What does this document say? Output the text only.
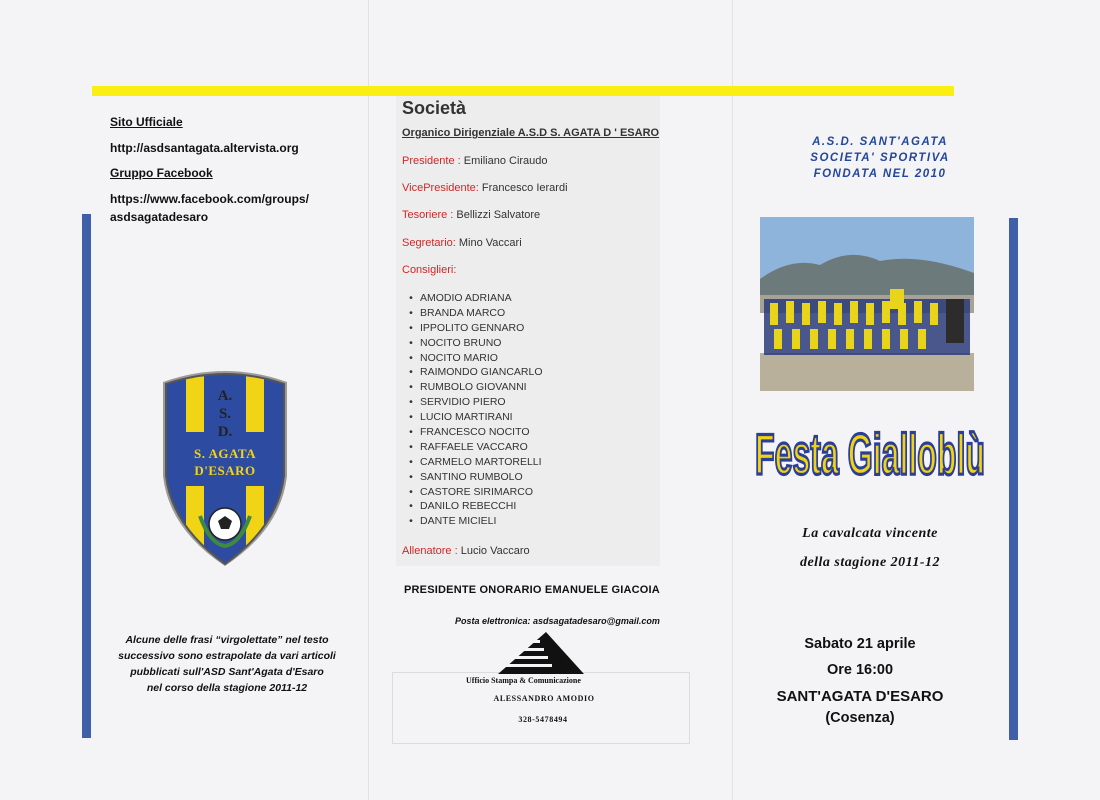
Sito Ufficiale
http://asdsantagata.altervista.org
Gruppo Facebook
https://www.facebook.com/groups/
asdsagatadesaro
A.
S.
D.
S. AGATA
D'ESARO
Alcune delle frasi “virgolettate” nel testo
successivo sono estrapolate da vari articoli
pubblicati sull'ASD Sant'Agata d'Esaro
nel corso della stagione 2011-12
Società
Organico Dirigenziale A.S.D S. AGATA D ' ESARO
Presidente : Emiliano Ciraudo
VicePresidente: Francesco Ierardi
Tesoriere : Bellizzi Salvatore
Segretario: Mino Vaccari
Consiglieri:
• AMODIO ADRIANA
• BRANDA MARCO
• IPPOLITO GENNARO
• NOCITO BRUNO
• NOCITO MARIO
• RAIMONDO GIANCARLO
• RUMBOLO GIOVANNI
• SERVIDIO PIERO
• LUCIO MARTIRANI
• FRANCESCO NOCITO
• RAFFAELE VACCARO
• CARMELO MARTORELLI
• SANTINO RUMBOLO
• CASTORE SIRIMARCO
• DANILO REBECCHI
• DANTE MICIELI
Allenatore : Lucio Vaccaro
PRESIDENTE ONORARIO EMANUELE GIACOIA
Posta elettronica: asdsagatadesaro@gmail.com
Ufficio Stampa & Comunicazione
ALESSANDRO AMODIO
328-5478494
A.S.D. SANT'AGATA
SOCIETA' SPORTIVA
FONDATA NEL 2010
Festa Gialloblù
La cavalcata vincente
della stagione 2011-12
Sabato 21 aprile
Ore 16:00
SANT'AGATA D'ESARO
(Cosenza)
